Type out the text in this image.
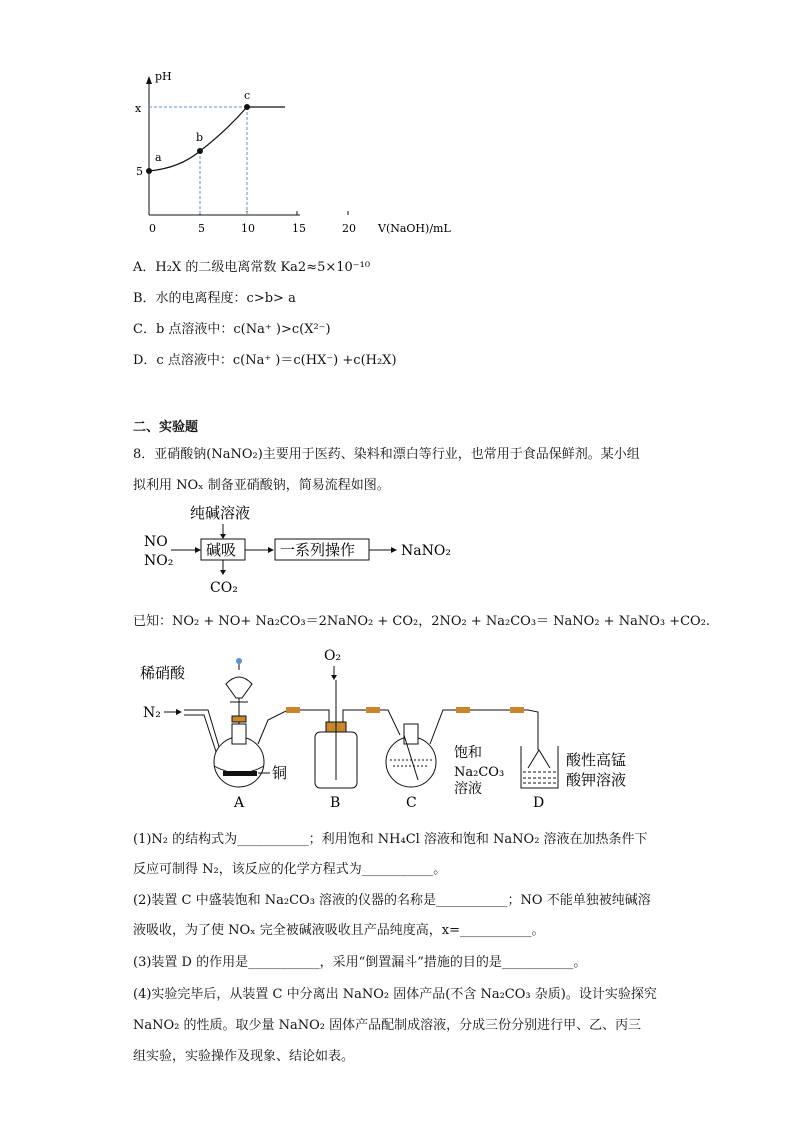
pH
x
5
a
b
c
0	5	10	15	20 V(NaOH)/mL
A．H₂X 的二级电离常数 Ka2≈5×10⁻¹⁰
B．水的电离程度：c>b> a
C．b 点溶液中：c(Na⁺ )>c(X²⁻)
D．c 点溶液中：c(Na⁺ )＝c(HX⁻) +c(H₂X)
二、实验题
8．亚硝酸钠(NaNO₂)主要用于医药、染料和漂白等行业，也常用于食品保鲜剂。某小组
拟利用 NOₓ 制备亚硝酸钠，简易流程如图。
纯碱溶液
碱吸
NO
NO₂
一系列操作	NaNO₂
CO₂
已知：NO₂ + NO+ Na₂CO₃＝2NaNO₂ + CO₂，2NO₂ + Na₂CO₃＝ NaNO₂ + NaNO₃ +CO₂.
稀硝酸
N₂
铜
O₂
饱和
Na₂CO₃
溶液
酸性高锰
酸钾溶液
A	B	C	D
(1)N₂ 的结构式为___________；利用饱和 NH₄Cl 溶液和饱和 NaNO₂ 溶液在加热条件下
反应可制得 N₂，该反应的化学方程式为___________。
(2)装置 C 中盛装饱和 Na₂CO₃ 溶液的仪器的名称是___________；NO 不能单独被纯碱溶
液吸收，为了使 NOₓ 完全被碱液吸收且产品纯度高，x=___________。
(3)装置 D 的作用是___________，采用“倒置漏斗”措施的目的是___________。
(4)实验完毕后，从装置 C 中分离出 NaNO₂ 固体产品(不含 Na₂CO₃ 杂质)。设计实验探究
NaNO₂ 的性质。取少量 NaNO₂ 固体产品配制成溶液，分成三份分别进行甲、乙、丙三
组实验，实验操作及现象、结论如表。
